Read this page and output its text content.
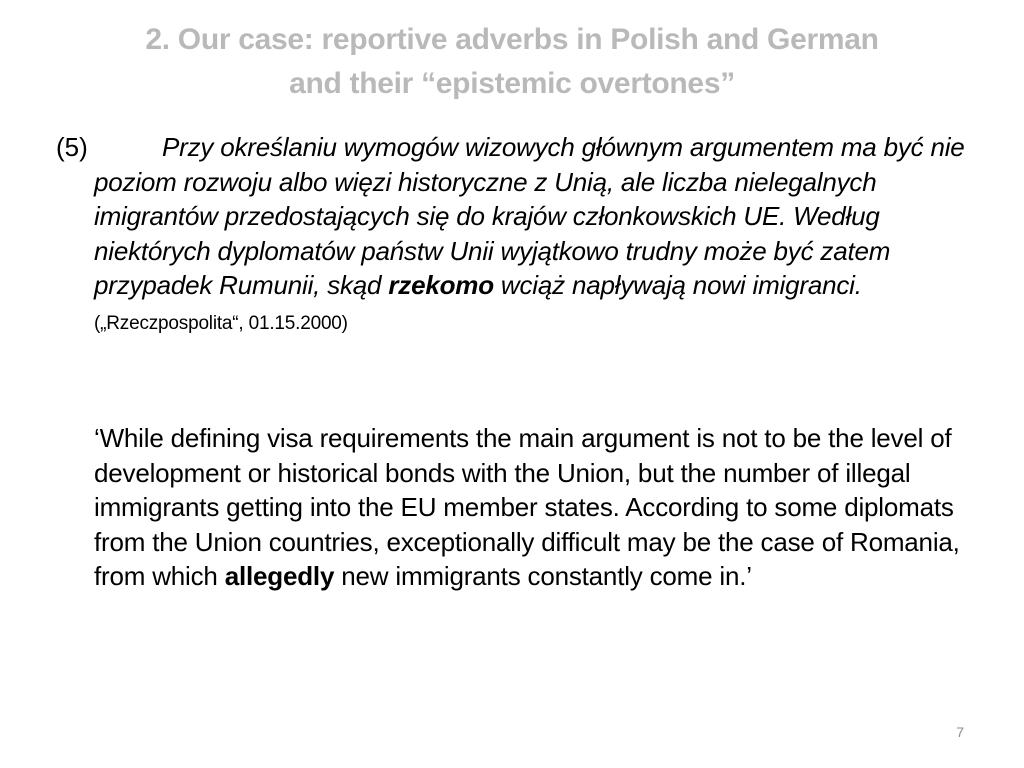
2. Our case: reportive adverbs in Polish and German
and their “epistemic overtones”
(5)	Przy określaniu wymogów wizowych głównym argumentem ma być nie poziom rozwoju albo więzi historyczne z Unią, ale liczba nielegalnych imigrantów przedostających się do krajów członkowskich UE. Według niektórych dyplomatów państw Unii wyjątkowo trudny może być zatem przypadek Rumunii, skąd rzekomo wciąż napływają nowi imigranci. („Rzeczpospolita“, 01.15.2000)
‘While defining visa requirements the main argument is not to be the level of development or historical bonds with the Union, but the number of illegal immigrants getting into the EU member states. According to some diplomats from the Union countries, exceptionally difficult may be the case of Romania, from which allegedly new immigrants constantly come in.’
7
